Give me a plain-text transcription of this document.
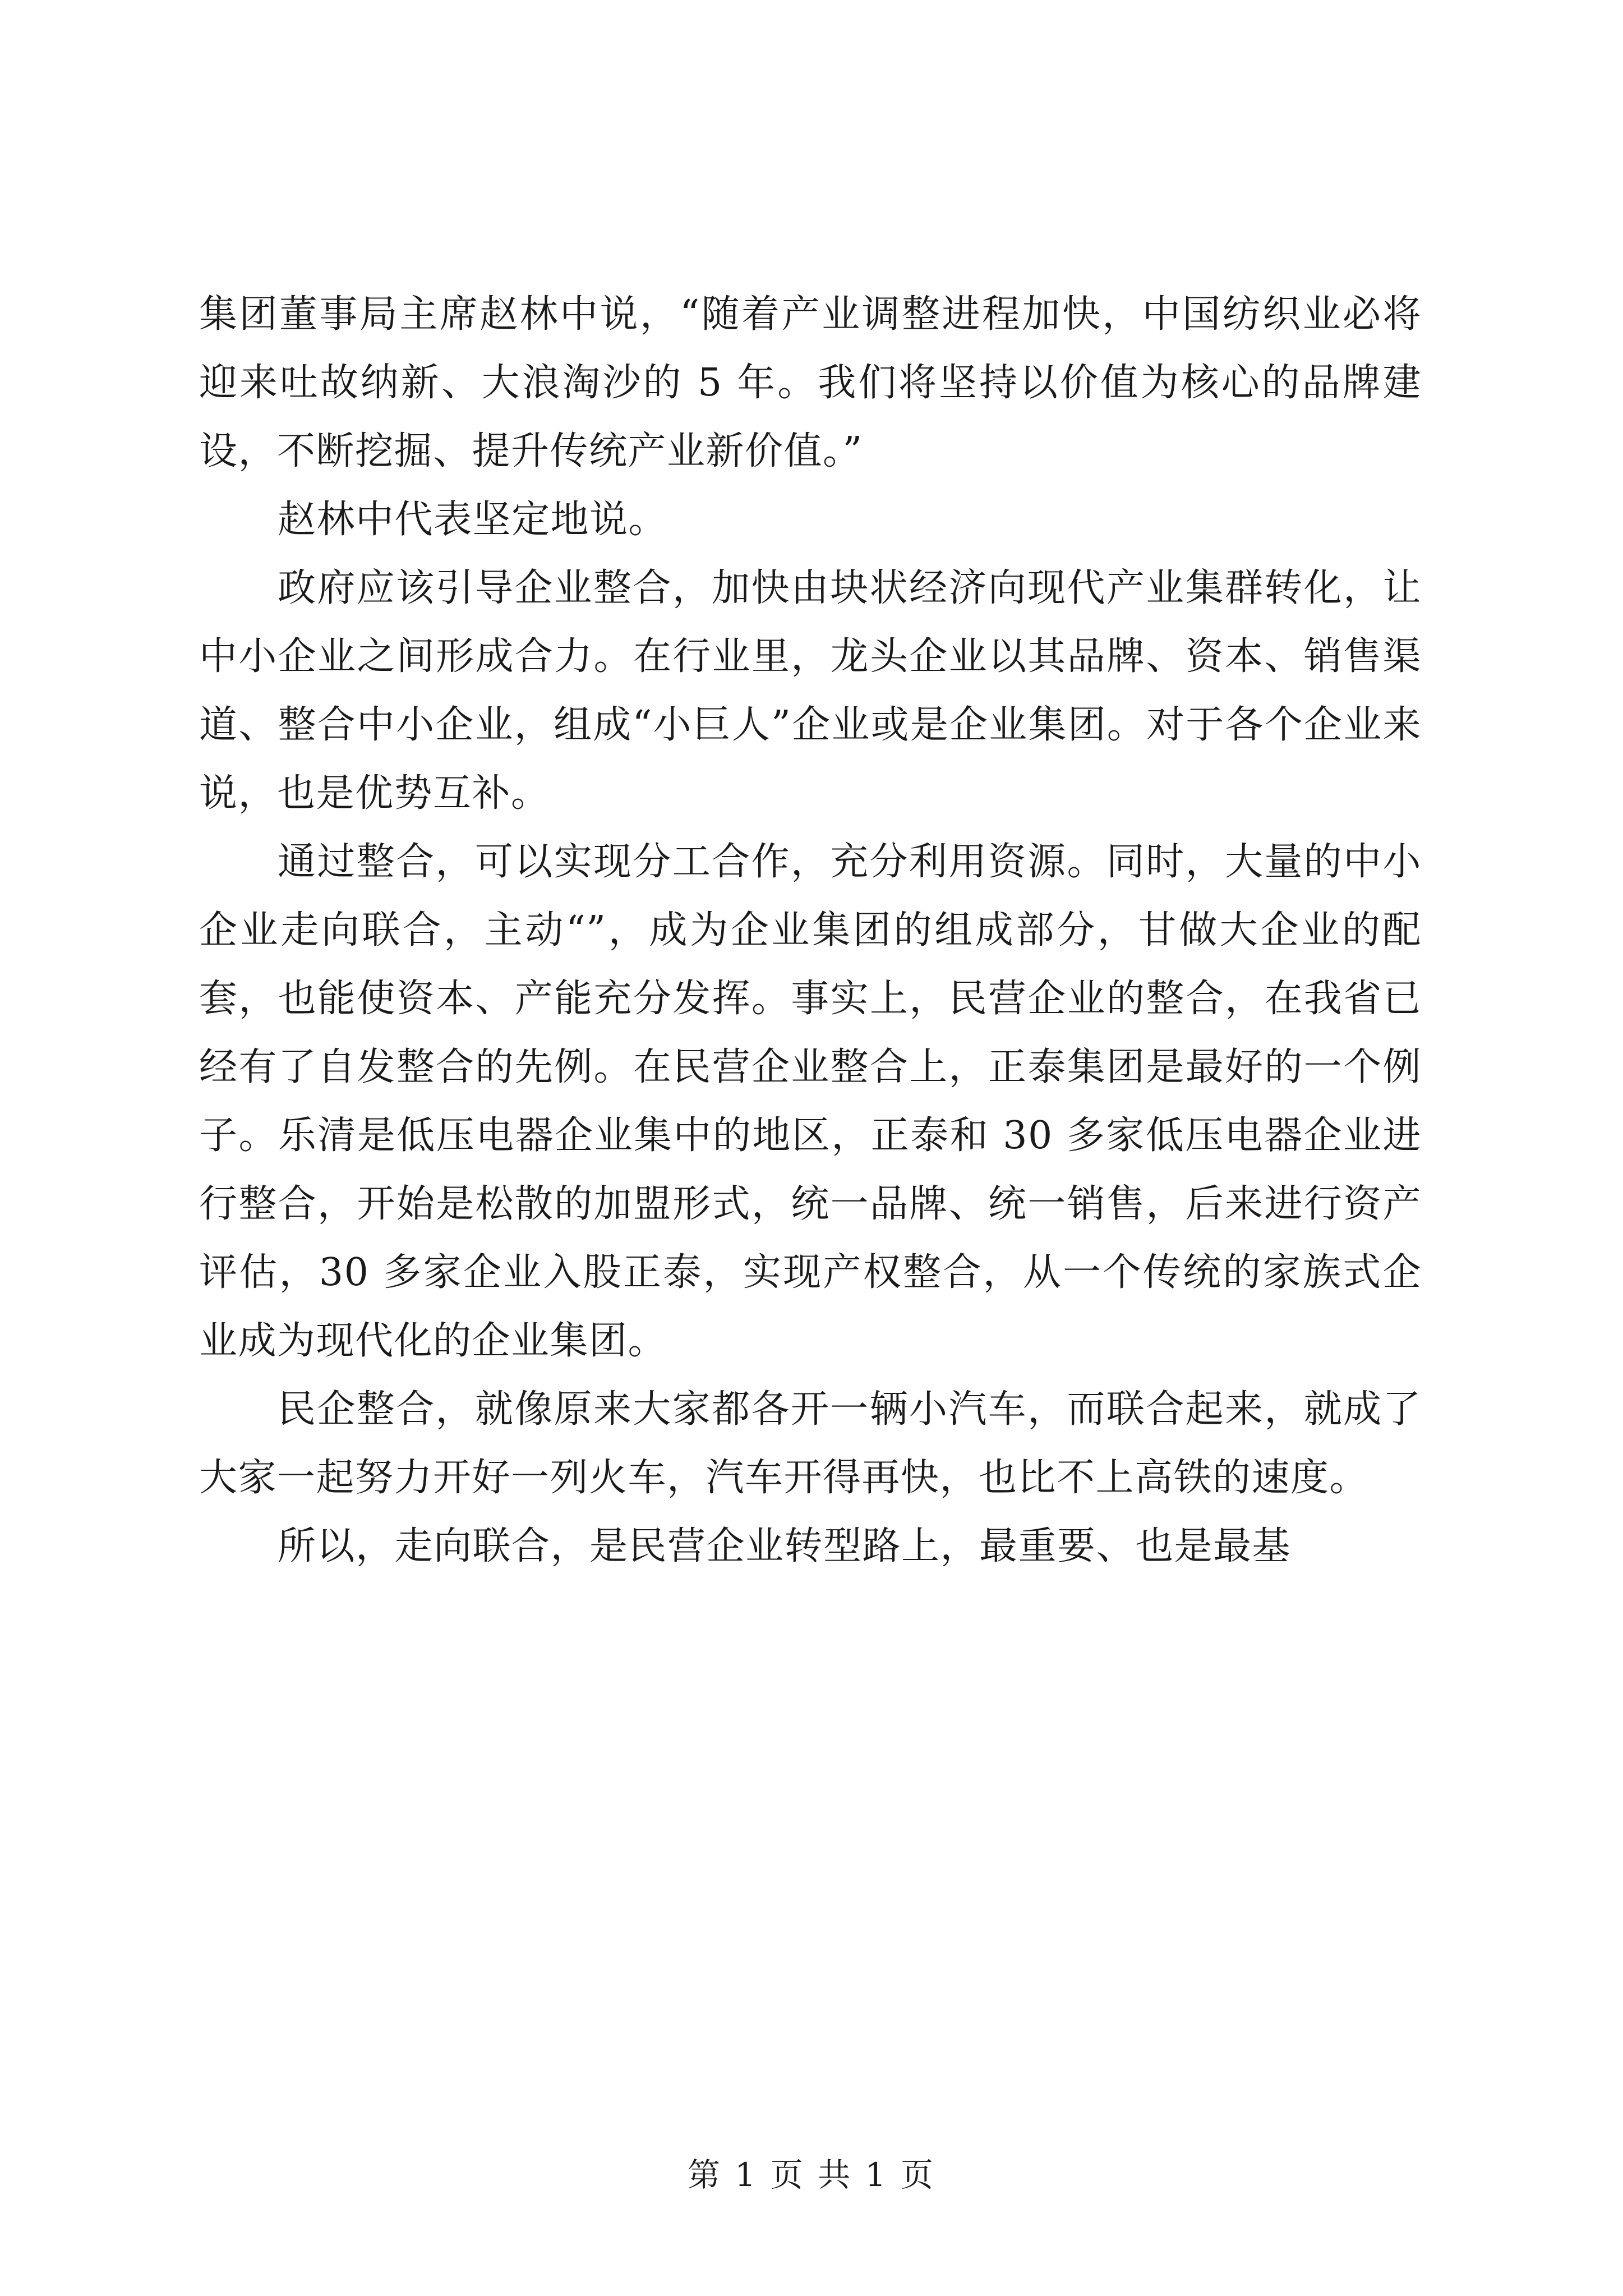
集团董事局主席赵林中说，“随着产业调整进程加快，中国纺织业必将迎来吐故纳新、大浪淘沙的 5 年。我们将坚持以价值为核心的品牌建设，不断挖掘、提升传统产业新价值。”

赵林中代表坚定地说。

政府应该引导企业整合，加快由块状经济向现代产业集群转化，让中小企业之间形成合力。在行业里，龙头企业以其品牌、资本、销售渠道、整合中小企业，组成“小巨人”企业或是企业集团。对于各个企业来说，也是优势互补。

通过整合，可以实现分工合作，充分利用资源。同时，大量的中小企业走向联合，主动“”，成为企业集团的组成部分，甘做大企业的配套，也能使资本、产能充分发挥。事实上，民营企业的整合，在我省已经有了自发整合的先例。在民营企业整合上，正泰集团是最好的一个例子。乐清是低压电器企业集中的地区，正泰和 30 多家低压电器企业进行整合，开始是松散的加盟形式，统一品牌、统一销售，后来进行资产评估，30 多家企业入股正泰，实现产权整合，从一个传统的家族式企业成为现代化的企业集团。

民企整合，就像原来大家都各开一辆小汽车，而联合起来，就成了大家一起努力开好一列火车，汽车开得再快，也比不上高铁的速度。

所以，走向联合，是民营企业转型路上，最重要、也是最基

第 1 页 共 1 页
